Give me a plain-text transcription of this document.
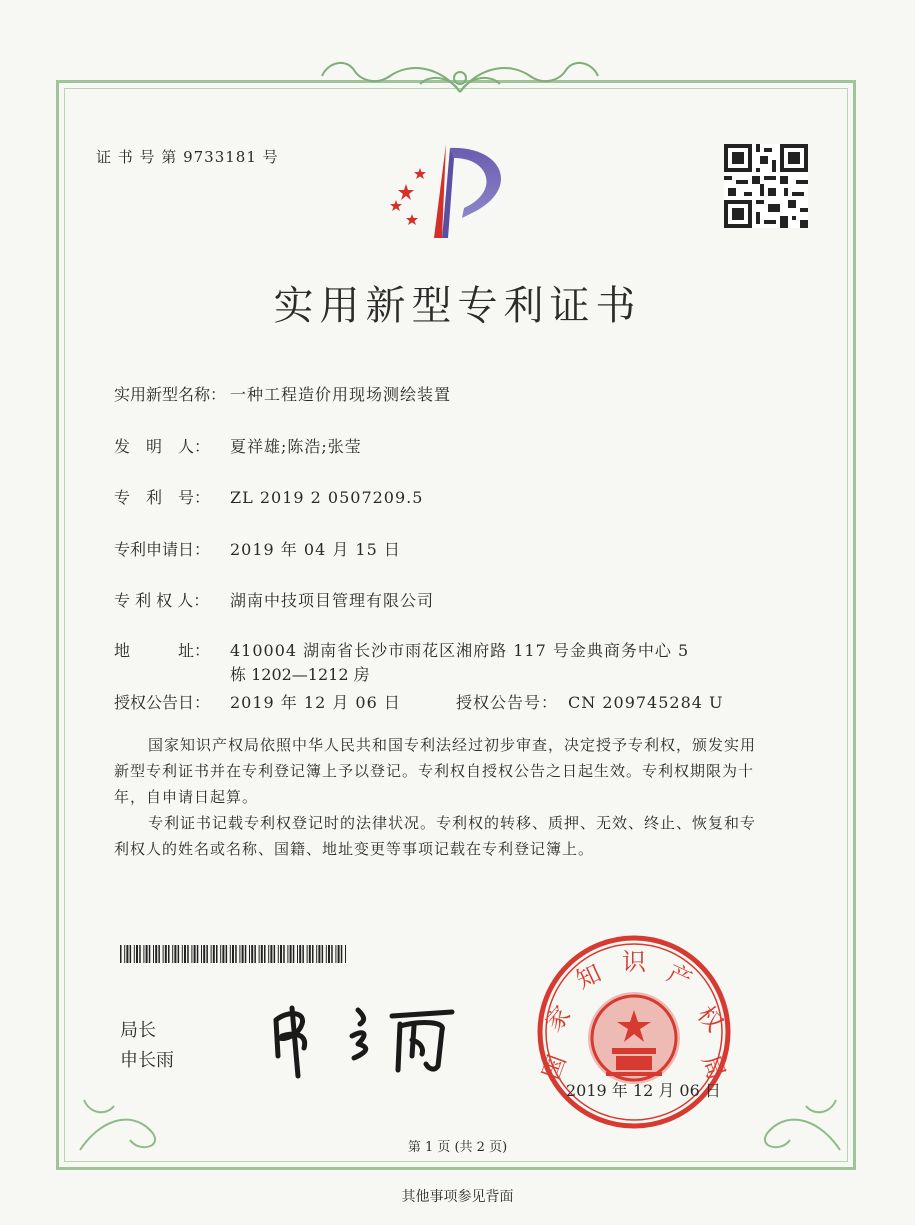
证 书 号 第 9733181 号
实用新型专利证书
实用新型名称： 一种工程造价用现场测绘装置
发　明　人： 夏祥雄;陈浩;张莹
专　利　号： ZL 2019 2 0507209.5
专利申请日： 2019 年 04 月 15 日
专 利 权 人： 湖南中技项目管理有限公司
地　　　址： 410004 湖南省长沙市雨花区湘府路 117 号金典商务中心 5
栋 1202—1212 房
授权公告日： 2019 年 12 月 06 日	授权公告号： CN 209745284 U
国家知识产权局依照中华人民共和国专利法经过初步审查，决定授予专利权，颁发实用
新型专利证书并在专利登记簿上予以登记。专利权自授权公告之日起生效。专利权期限为十
年，自申请日起算。
专利证书记载专利权登记时的法律状况。专利权的转移、质押、无效、终止、恢复和专
利权人的姓名或名称、国籍、地址变更等事项记载在专利登记簿上。
局长
申长雨	国
家
知 识 产
权
局
2019 年 12 月 06 日
第 1 页 (共 2 页)
其他事项参见背面
